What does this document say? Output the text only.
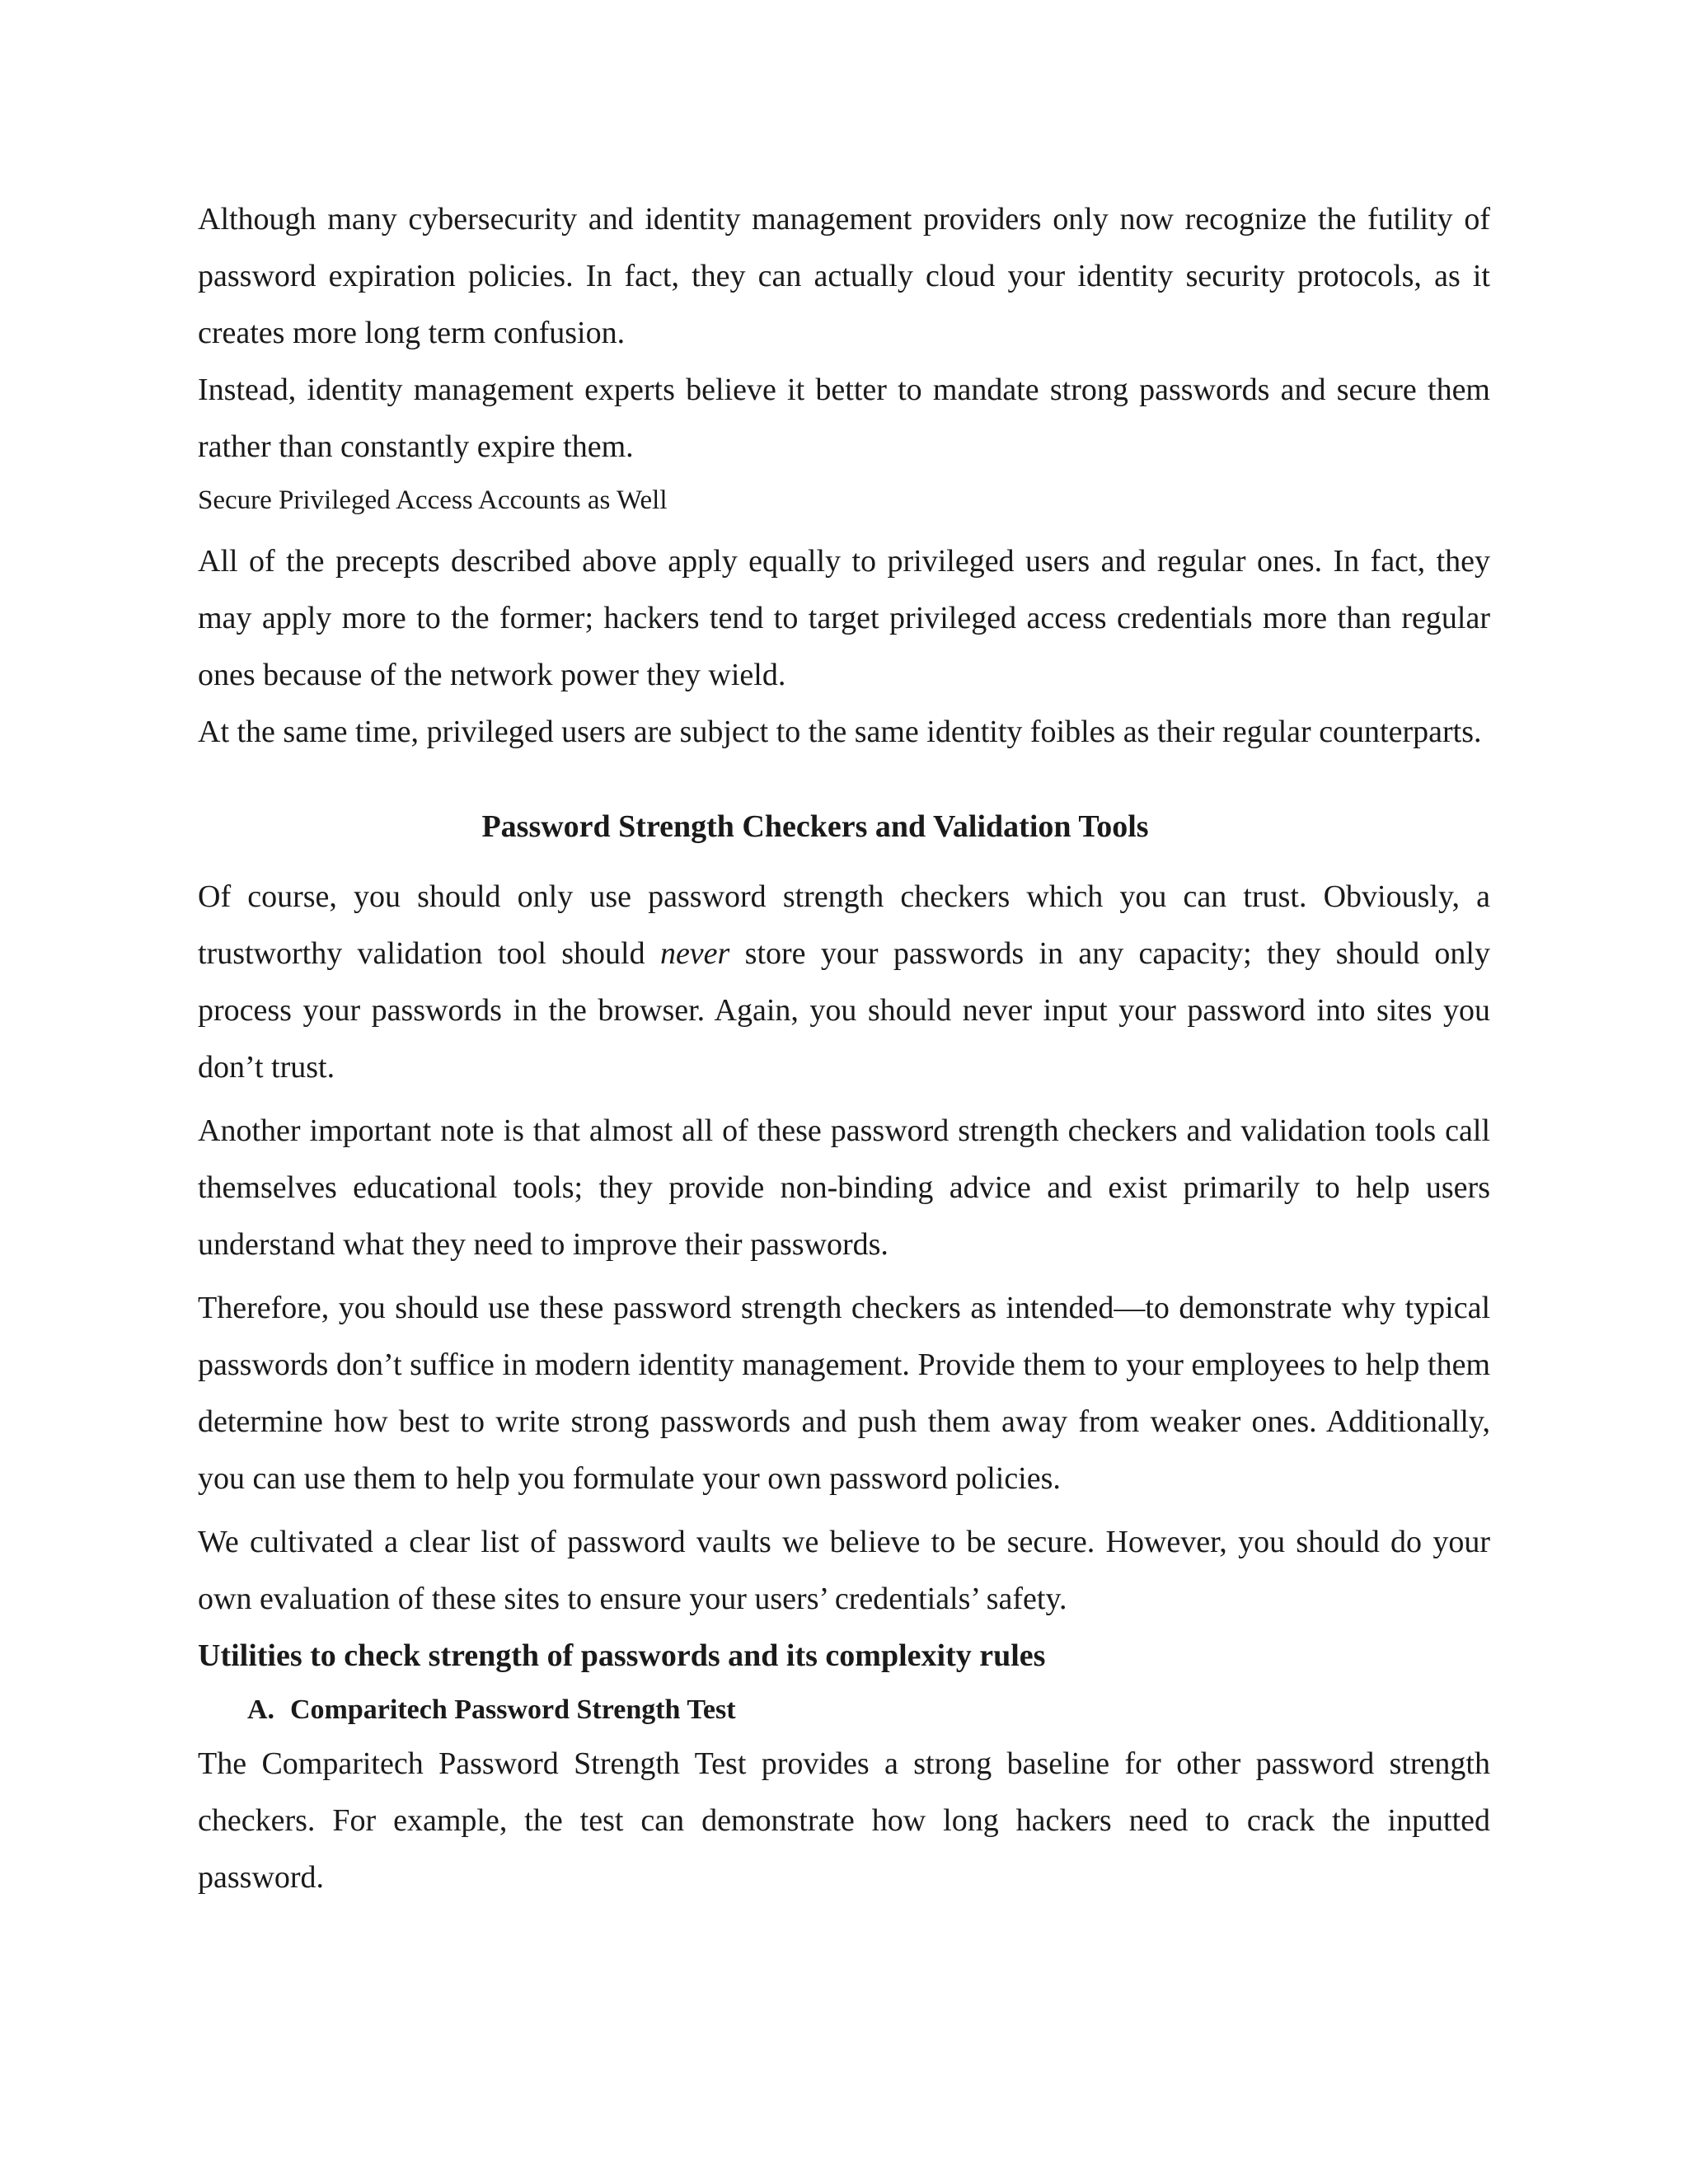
Although many cybersecurity and identity management providers only now recognize the futility of password expiration policies. In fact, they can actually cloud your identity security protocols, as it creates more long term confusion.

Instead, identity management experts believe it better to mandate strong passwords and secure them rather than constantly expire them.

Secure Privileged Access Accounts as Well

All of the precepts described above apply equally to privileged users and regular ones. In fact, they may apply more to the former; hackers tend to target privileged access credentials more than regular ones because of the network power they wield.

At the same time, privileged users are subject to the same identity foibles as their regular counterparts.

Password Strength Checkers and Validation Tools

Of course, you should only use password strength checkers which you can trust. Obviously, a trustworthy validation tool should never store your passwords in any capacity; they should only process your passwords in the browser. Again, you should never input your password into sites you don’t trust.

Another important note is that almost all of these password strength checkers and validation tools call themselves educational tools; they provide non-binding advice and exist primarily to help users understand what they need to improve their passwords.

Therefore, you should use these password strength checkers as intended—to demonstrate why typical passwords don’t suffice in modern identity management. Provide them to your employees to help them determine how best to write strong passwords and push them away from weaker ones. Additionally, you can use them to help you formulate your own password policies.

We cultivated a clear list of password vaults we believe to be secure. However, you should do your own evaluation of these sites to ensure your users’ credentials’ safety.

Utilities to check strength of passwords and its complexity rules

A. Comparitech Password Strength Test

The Comparitech Password Strength Test provides a strong baseline for other password strength checkers. For example, the test can demonstrate how long hackers need to crack the inputted password.
